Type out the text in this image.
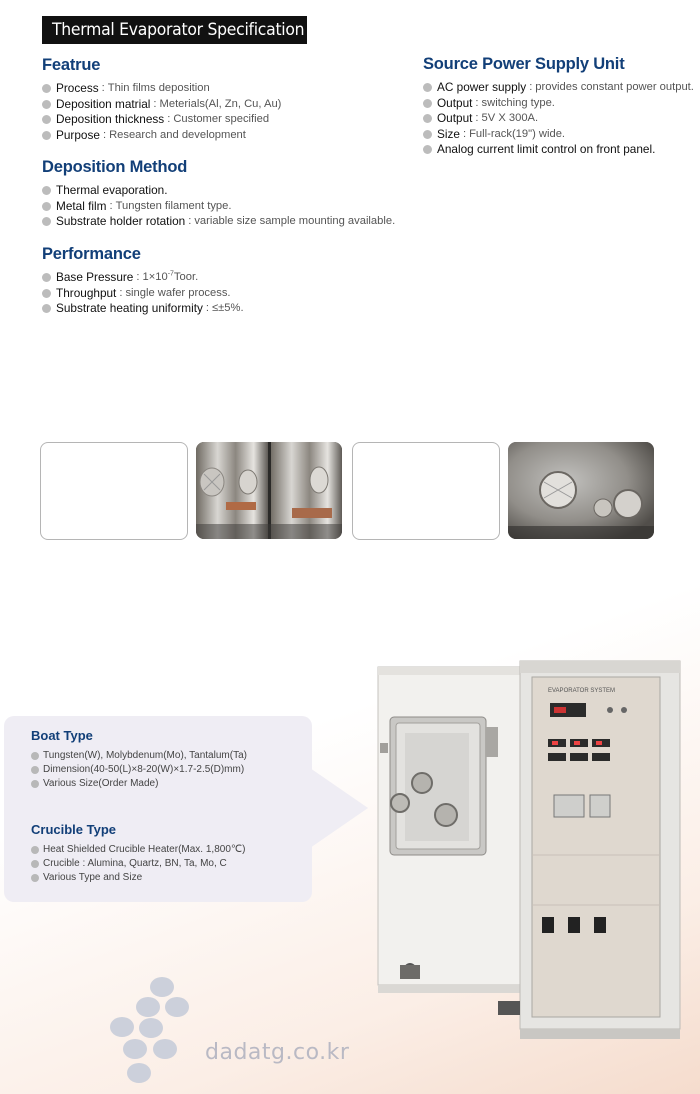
Thermal Evaporator Specification
Featrue
Process : Thin films deposition
Deposition matrial : Meterials(Al, Zn, Cu, Au)
Deposition thickness : Customer specified
Purpose : Research and development
Deposition Method
Thermal evaporation.
Metal film : Tungsten filament type.
Substrate holder rotation : variable size sample mounting available.
Performance
Base Pressure : $1\times 10^{-7}Toor$.
Throughput : single wafer process.
Substrate heating uniformity : ≤±5%.
Source Power Supply Unit
AC power supply : provides constant power output.
Output : switching type.
Output : 5V X 300A.
Size : Full-rack(19") wide.
Analog current limit control on front panel.
EVAPORATOR SYSTEM
Boat Type
Tungsten(W), Molybdenum(Mo), Tantalum(Ta)
Dimension(40-50(L)×8-20(W)×1.7-2.5(D)mm)
Various Size(Order Made)
Crucible Type
Heat Shielded Crucible Heater(Max. 1,800℃)
Crucible : Alumina, Quartz, BN, Ta, Mo, C
Various Type and Size
dadatg.co.kr
